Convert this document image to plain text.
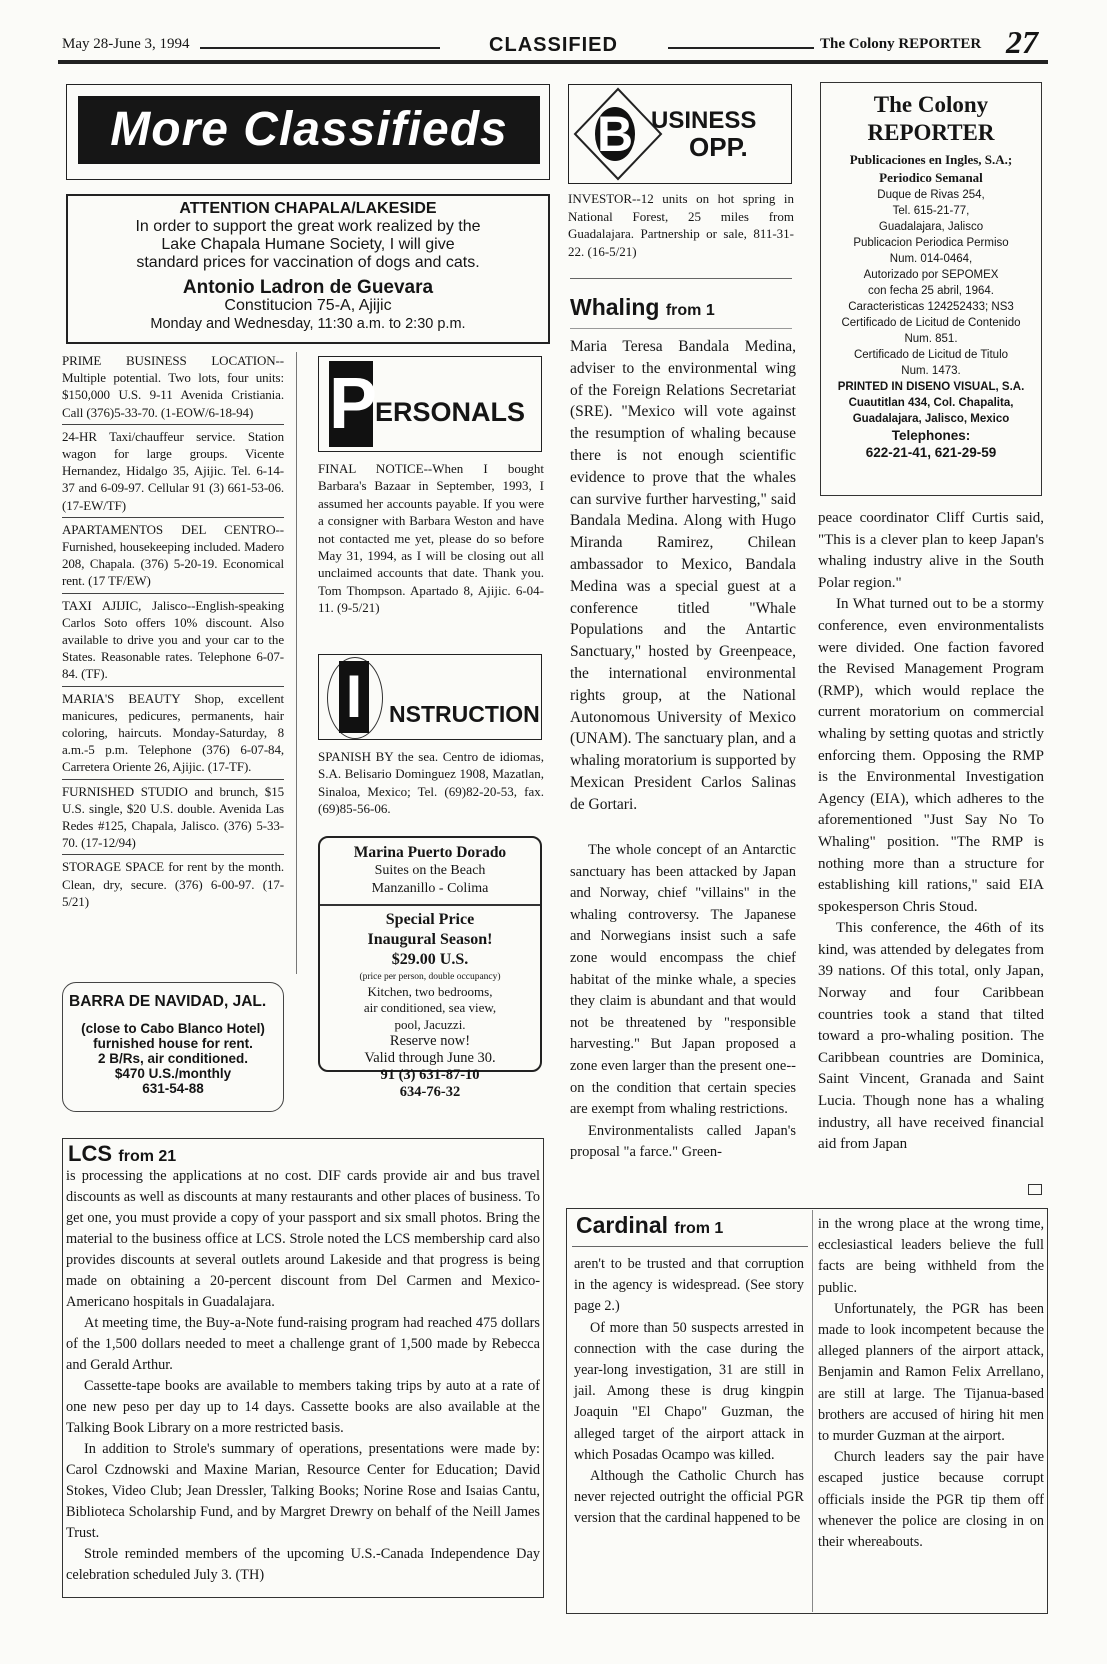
May 28-June 3, 1994	CLASSIFIED	The Colony REPORTER 27
More Classifieds
ATTENTION CHAPALA/LAKESIDE
In order to support the great work realized by the
Lake Chapala Humane Society, I will give
standard prices for vaccination of dogs and cats.
Antonio Ladron de Guevara
Constitucion 75-A, Ajijic
Monday and Wednesday, 11:30 a.m. to 2:30 p.m.

PRIME BUSINESS LOCATION-- Multiple potential. Two lots, four units: $150,000 U.S. 9-11 Avenida Cristiania. Call (376)5-33-70. (1-EOW/6-18-94)

24-HR Taxi/chauffeur service. Station wagon for large groups. Vicente Hernandez, Hidalgo 35, Ajijic. Tel. 6-14-37 and 6-09-97. Cellular 91 (3) 661-53-06. (17-EW/TF)

APARTAMENTOS DEL CENTRO-- Furnished, housekeeping included. Madero 208, Chapala. (376) 5-20-19. Economical rent. (17 TF/EW)

TAXI AJIJIC, Jalisco--English-speaking Carlos Soto offers 10% discount. Also available to drive you and your car to the States. Reasonable rates. Telephone 6-07-84. (TF).

MARIA'S BEAUTY Shop, excellent manicures, pedicures, permanents, hair coloring, haircuts. Monday-Saturday, 8 a.m.-5 p.m. Telephone (376) 6-07-84, Carretera Oriente 26, Ajijic. (17-TF).

FURNISHED STUDIO and brunch, $15 U.S. single, $20 U.S. double. Avenida Las Redes #125, Chapala, Jalisco. (376) 5-33-70. (17-12/94)

STORAGE SPACE for rent by the month. Clean, dry, secure. (376) 6-00-97. (17-5/21)

BARRA DE NAVIDAD, JAL.
(close to Cabo Blanco Hotel)
furnished house for rent.
2 B/Rs, air conditioned.
$470 U.S./monthly
631-54-88
P
ERSONALS
FINAL NOTICE--When I bought Barbara's Bazaar in September, 1993, I assumed her accounts payable. If you were a consigner with Barbara Weston and have not contacted me yet, please do so before May 31, 1994, as I will be closing out all unclaimed accounts that date. Thank you. Tom Thompson. Apartado 8, Ajijic. 6-04-11. (9-5/21)
I NSTRUCTION
SPANISH BY the sea. Centro de idiomas, S.A. Belisario Dominguez 1908, Mazatlan, Sinaloa, Mexico; Tel. (69)82-20-53, fax.(69)85-56-06.
Marina Puerto Dorado
Suites on the Beach
Manzanillo - Colima
Special Price
Inaugural Season!
$29.00 U.S.
(price per person, double occupancy)
Kitchen, two bedrooms,
air conditioned, sea view,
pool, Jacuzzi.
Reserve now!
Valid through June 30.
91 (3) 631-87-10
634-76-32
B USINESS
OPP.
INVESTOR--12 units on hot spring in National Forest, 25 miles from Guadalajara. Partnership or sale, 811-31-22. (16-5/21)
Whaling from 1

Maria Teresa Bandala Medina, adviser to the environmental wing of the Foreign Relations Secretariat (SRE). "Mexico will vote against the resumption of whaling because there is not enough scientific evidence to prove that the whales can survive further harvesting," said Bandala Medina. Along with Hugo Miranda Ramirez, Chilean ambassador to Mexico, Bandala Medina was a special guest at a conference titled "Whale Populations and the Antartic Sanctuary," hosted by Greenpeace, the international environmental rights group, at the National Autonomous University of Mexico (UNAM). The sanctuary plan, and a whaling moratorium is supported by Mexican President Carlos Salinas de Gortari.

The whole concept of an Antarctic sanctuary has been attacked by Japan and Norway, chief "villains" in the whaling controversy. The Japanese and Norwegians insist such a safe zone would encompass the chief habitat of the minke whale, a species they claim is abundant and that would not be threatened by "responsible harvesting." But Japan proposed a zone even larger than the present one--on the condition that certain species are exempt from whaling restrictions.

Environmentalists called Japan's proposal "a farce." Green-

peace coordinator Cliff Curtis said, "This is a clever plan to keep Japan's whaling industry alive in the South Polar region."

In What turned out to be a stormy conference, even environmentalists were divided. One faction favored the Revised Management Program (RMP), which would replace the current moratorium on commercial whaling by setting quotas and strictly enforcing them. Opposing the RMP is the Environmental Investigation Agency (EIA), which adheres to the aforementioned "Just Say No To Whaling" position. "The RMP is nothing more than a structure for establishing kill rations," said EIA spokesperson Chris Stoud.

This conference, the 46th of its kind, was attended by delegates from 39 nations. Of this total, only Japan, Norway and four Caribbean countries took a stand that tilted toward a pro-whaling position. The Caribbean countries are Dominica, Saint Vincent, Granada and Saint Lucia. Though none has a whaling industry, all have received financial aid from Japan

The Colony
REPORTER
Publicaciones en Ingles, S.A.;
Periodico Semanal
Duque de Rivas 254,
Tel. 615-21-77,
Guadalajara, Jalisco
Publicacion Periodica Permiso
Num. 014-0464,
Autorizado por SEPOMEX
con fecha 25 abril, 1964.
Caracteristicas 124252433; NS3
Certificado de Licitud de Contenido
Num. 851.
Certificado de Licitud de Titulo
Num. 1473.
PRINTED IN DISENO VISUAL, S.A.
Cuautitlan 434, Col. Chapalita,
Guadalajara, Jalisco, Mexico
Telephones:
622-21-41, 621-29-59
LCS from 21

is processing the applications at no cost. DIF cards provide air and bus travel discounts as well as discounts at many restaurants and other places of business. To get one, you must provide a copy of your passport and six small photos. Bring the material to the business office at LCS. Strole noted the LCS membership card also provides discounts at several outlets around Lakeside and that progress is being made on obtaining a 20-percent discount from Del Carmen and Mexico-Americano hospitals in Guadalajara.

At meeting time, the Buy-a-Note fund-raising program had reached 475 dollars of the 1,500 dollars needed to meet a challenge grant of 1,500 made by Rebecca and Gerald Arthur.

Cassette-tape books are available to members taking trips by auto at a rate of one new peso per day up to 14 days. Cassette books are also available at the Talking Book Library on a more restricted basis.

In addition to Strole's summary of operations, presentations were made by: Carol Czdnowski and Maxine Marian, Resource Center for Education; David Stokes, Video Club; Jean Dressler, Talking Books; Norine Rose and Isaias Cantu, Biblioteca Scholarship Fund, and by Margret Drewry on behalf of the Neill James Trust.

Strole reminded members of the upcoming U.S.-Canada Independence Day celebration scheduled July 3. (TH)

Cardinal from 1

aren't to be trusted and that corruption in the agency is widespread. (See story page 2.)

Of more than 50 suspects arrested in connection with the case during the year-long investigation, 31 are still in jail. Among these is drug kingpin Joaquin "El Chapo" Guzman, the alleged target of the airport attack in which Posadas Ocampo was killed.

Although the Catholic Church has never rejected outright the official PGR version that the cardinal happened to be

in the wrong place at the wrong time, ecclesiastical leaders believe the full facts are being withheld from the public.

Unfortunately, the PGR has been made to look incompetent because the alleged planners of the airport attack, Benjamin and Ramon Felix Arrellano, are still at large. The Tijanua-based brothers are accused of hiring hit men to murder Guzman at the airport.

Church leaders say the pair have escaped justice because corrupt officials inside the PGR tip them off whenever the police are closing in on their whereabouts.
